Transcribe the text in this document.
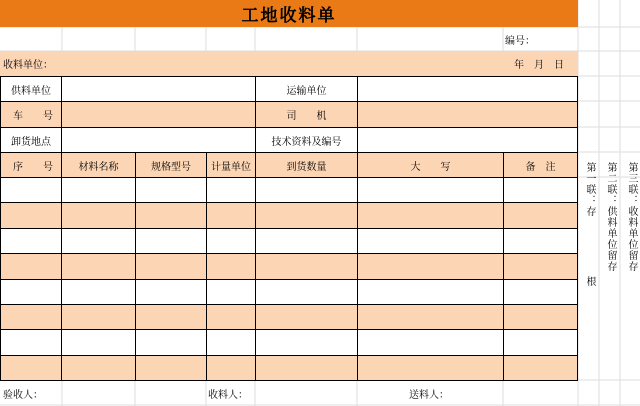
工地收料单
编号：
收料单位：	年　月　日
供料单位	运输单位
车　　号	司　　机
卸货地点	技术资料及编号
序　　号	材料名称	规格型号	计量单位	到货数量	大　　写	备　注
验收人：	收料人：	送料人：
第一联：存
根
第二联：供料单位留存 第三联：收料单位留存
